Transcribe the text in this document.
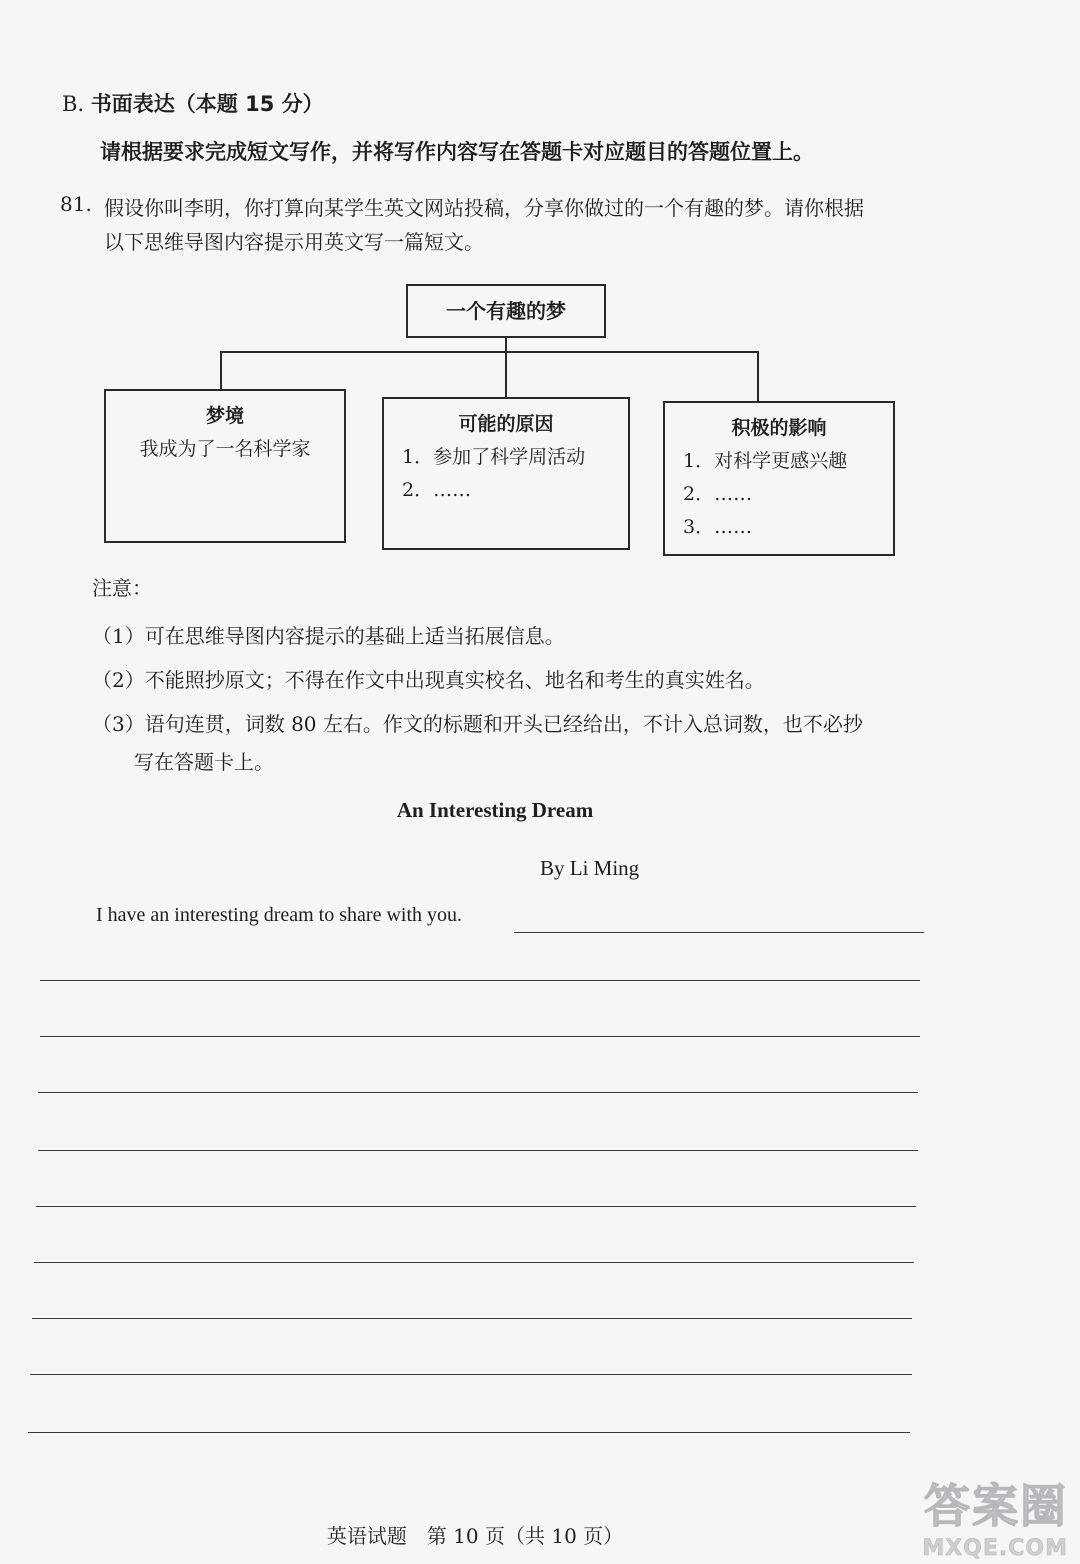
B. 书面表达（本题 15 分）
请根据要求完成短文写作，并将写作内容写在答题卡对应题目的答题位置上。
81. 假设你叫李明，你打算向某学生英文网站投稿，分享你做过的一个有趣的梦。请你根据
以下思维导图内容提示用英文写一篇短文。
一个有趣的梦
梦境
我成为了一名科学家
可能的原因
1．参加了科学周活动
2．……
积极的影响
1．对科学更感兴趣
2．……
3．……
注意：
（1）可在思维导图内容提示的基础上适当拓展信息。
（2）不能照抄原文；不得在作文中出现真实校名、地名和考生的真实姓名。
（3）语句连贯，词数 80 左右。作文的标题和开头已经给出，不计入总词数，也不必抄
写在答题卡上。
An Interesting Dream
By Li Ming
I have an interesting dream to share with you.
英语试题　第 10 页（共 10 页）
答案圈
MXQE.COM
